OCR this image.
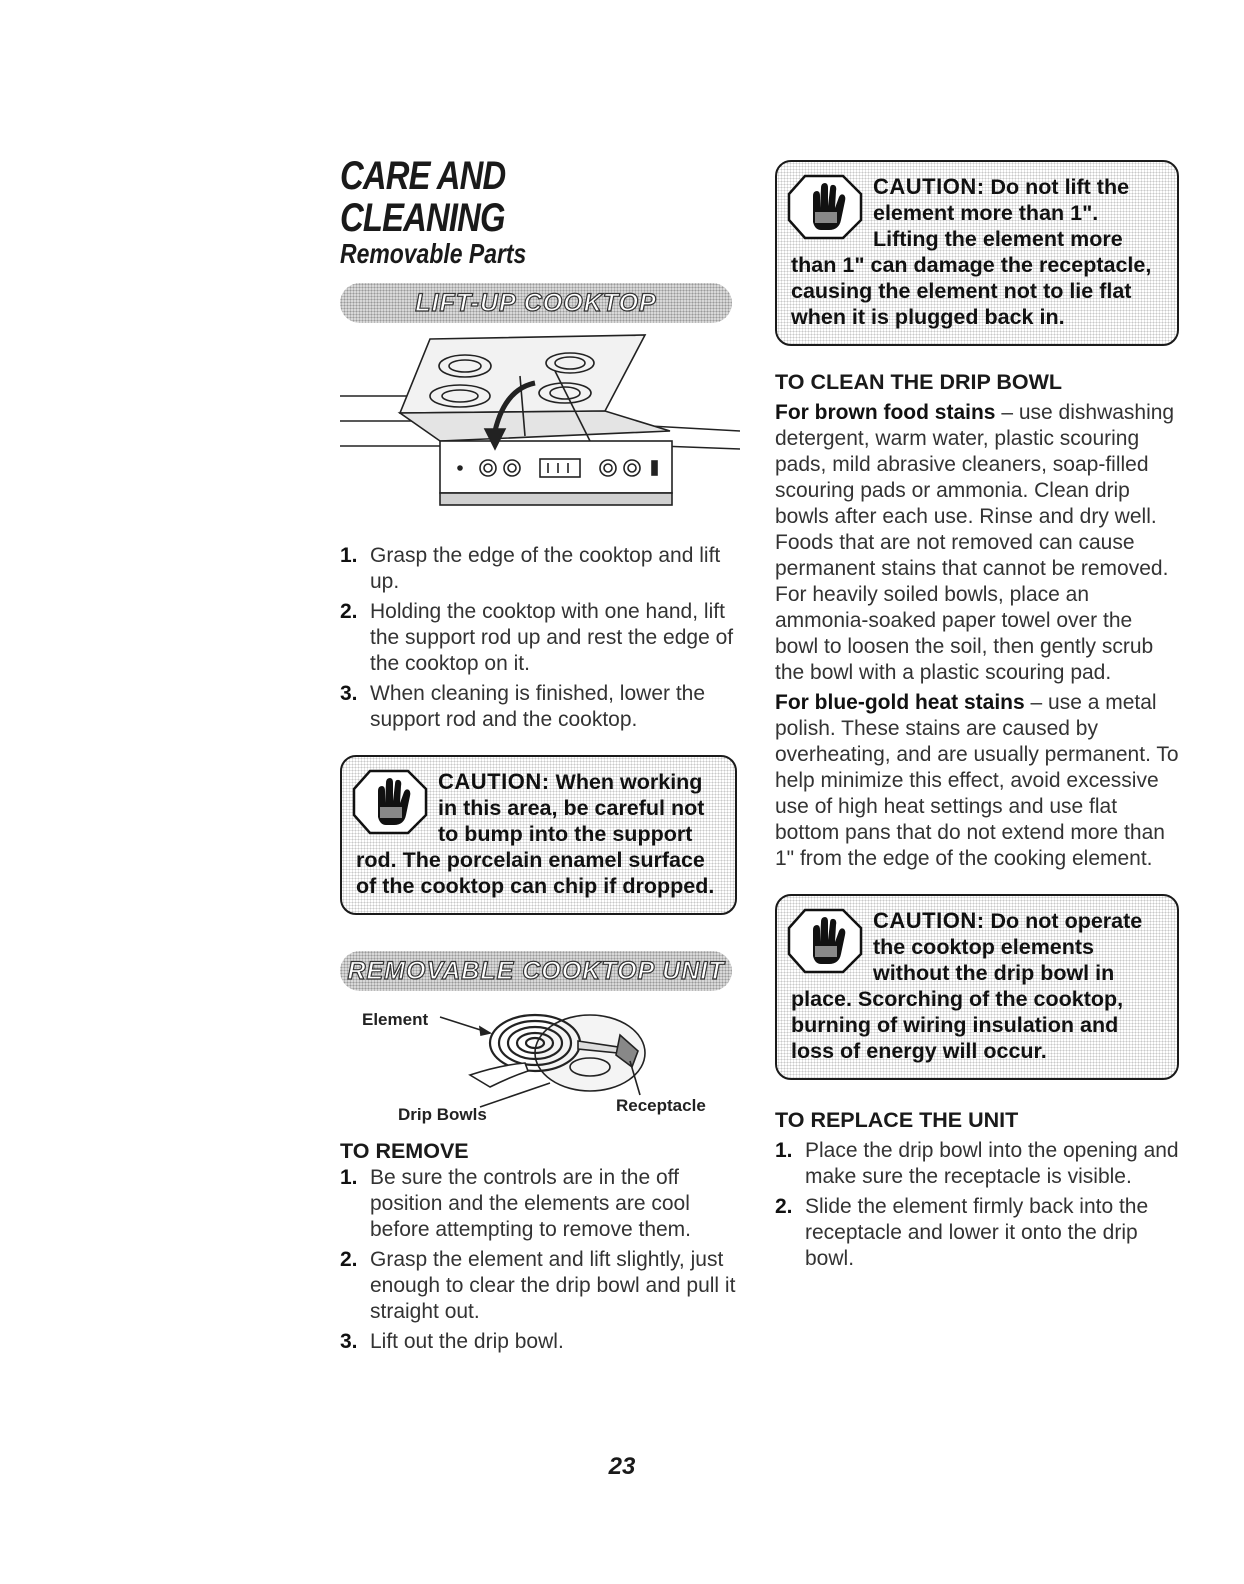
CARE AND CLEANING
Removable Parts
LIFT-UP COOKTOP
1. Grasp the edge of the cooktop and lift up.
2. Holding the cooktop with one hand, lift the support rod up and rest the edge of the cooktop on it.
3. When cleaning is finished, lower the support rod and the cooktop.
CAUTION: When working in this area, be careful not to bump into the support rod. The porcelain enamel surface of the cooktop can chip if dropped.
REMOVABLE COOKTOP UNIT
Element
Drip Bowls	Receptacle
TO REMOVE
1. Be sure the controls are in the off position and the elements are cool before attempting to remove them.
2. Grasp the element and lift slightly, just enough to clear the drip bowl and pull it straight out.
3. Lift out the drip bowl.
CAUTION: Do not lift the element more than 1". Lifting the element more than 1" can damage the receptacle, causing the element not to lie flat when it is plugged back in.
TO CLEAN THE DRIP BOWL

For brown food stains – use dishwashing detergent, warm water, plastic scouring pads, mild abrasive cleaners, soap-filled scouring pads or ammonia. Clean drip bowls after each use. Rinse and dry well. Foods that are not removed can cause permanent stains that cannot be removed. For heavily soiled bowls, place an ammonia-soaked paper towel over the bowl to loosen the soil, then gently scrub the bowl with a plastic scouring pad.

For blue-gold heat stains – use a metal polish. These stains are caused by overheating, and are usually permanent. To help minimize this effect, avoid excessive use of high heat settings and use flat bottom pans that do not extend more than 1" from the edge of the cooking element.

CAUTION: Do not operate the cooktop elements without the drip bowl in place. Scorching of the cooktop, burning of wiring insulation and loss of energy will occur.
TO REPLACE THE UNIT
1. Place the drip bowl into the opening and make sure the receptacle is visible.
2. Slide the element firmly back into the receptacle and lower it onto the drip bowl.
23
